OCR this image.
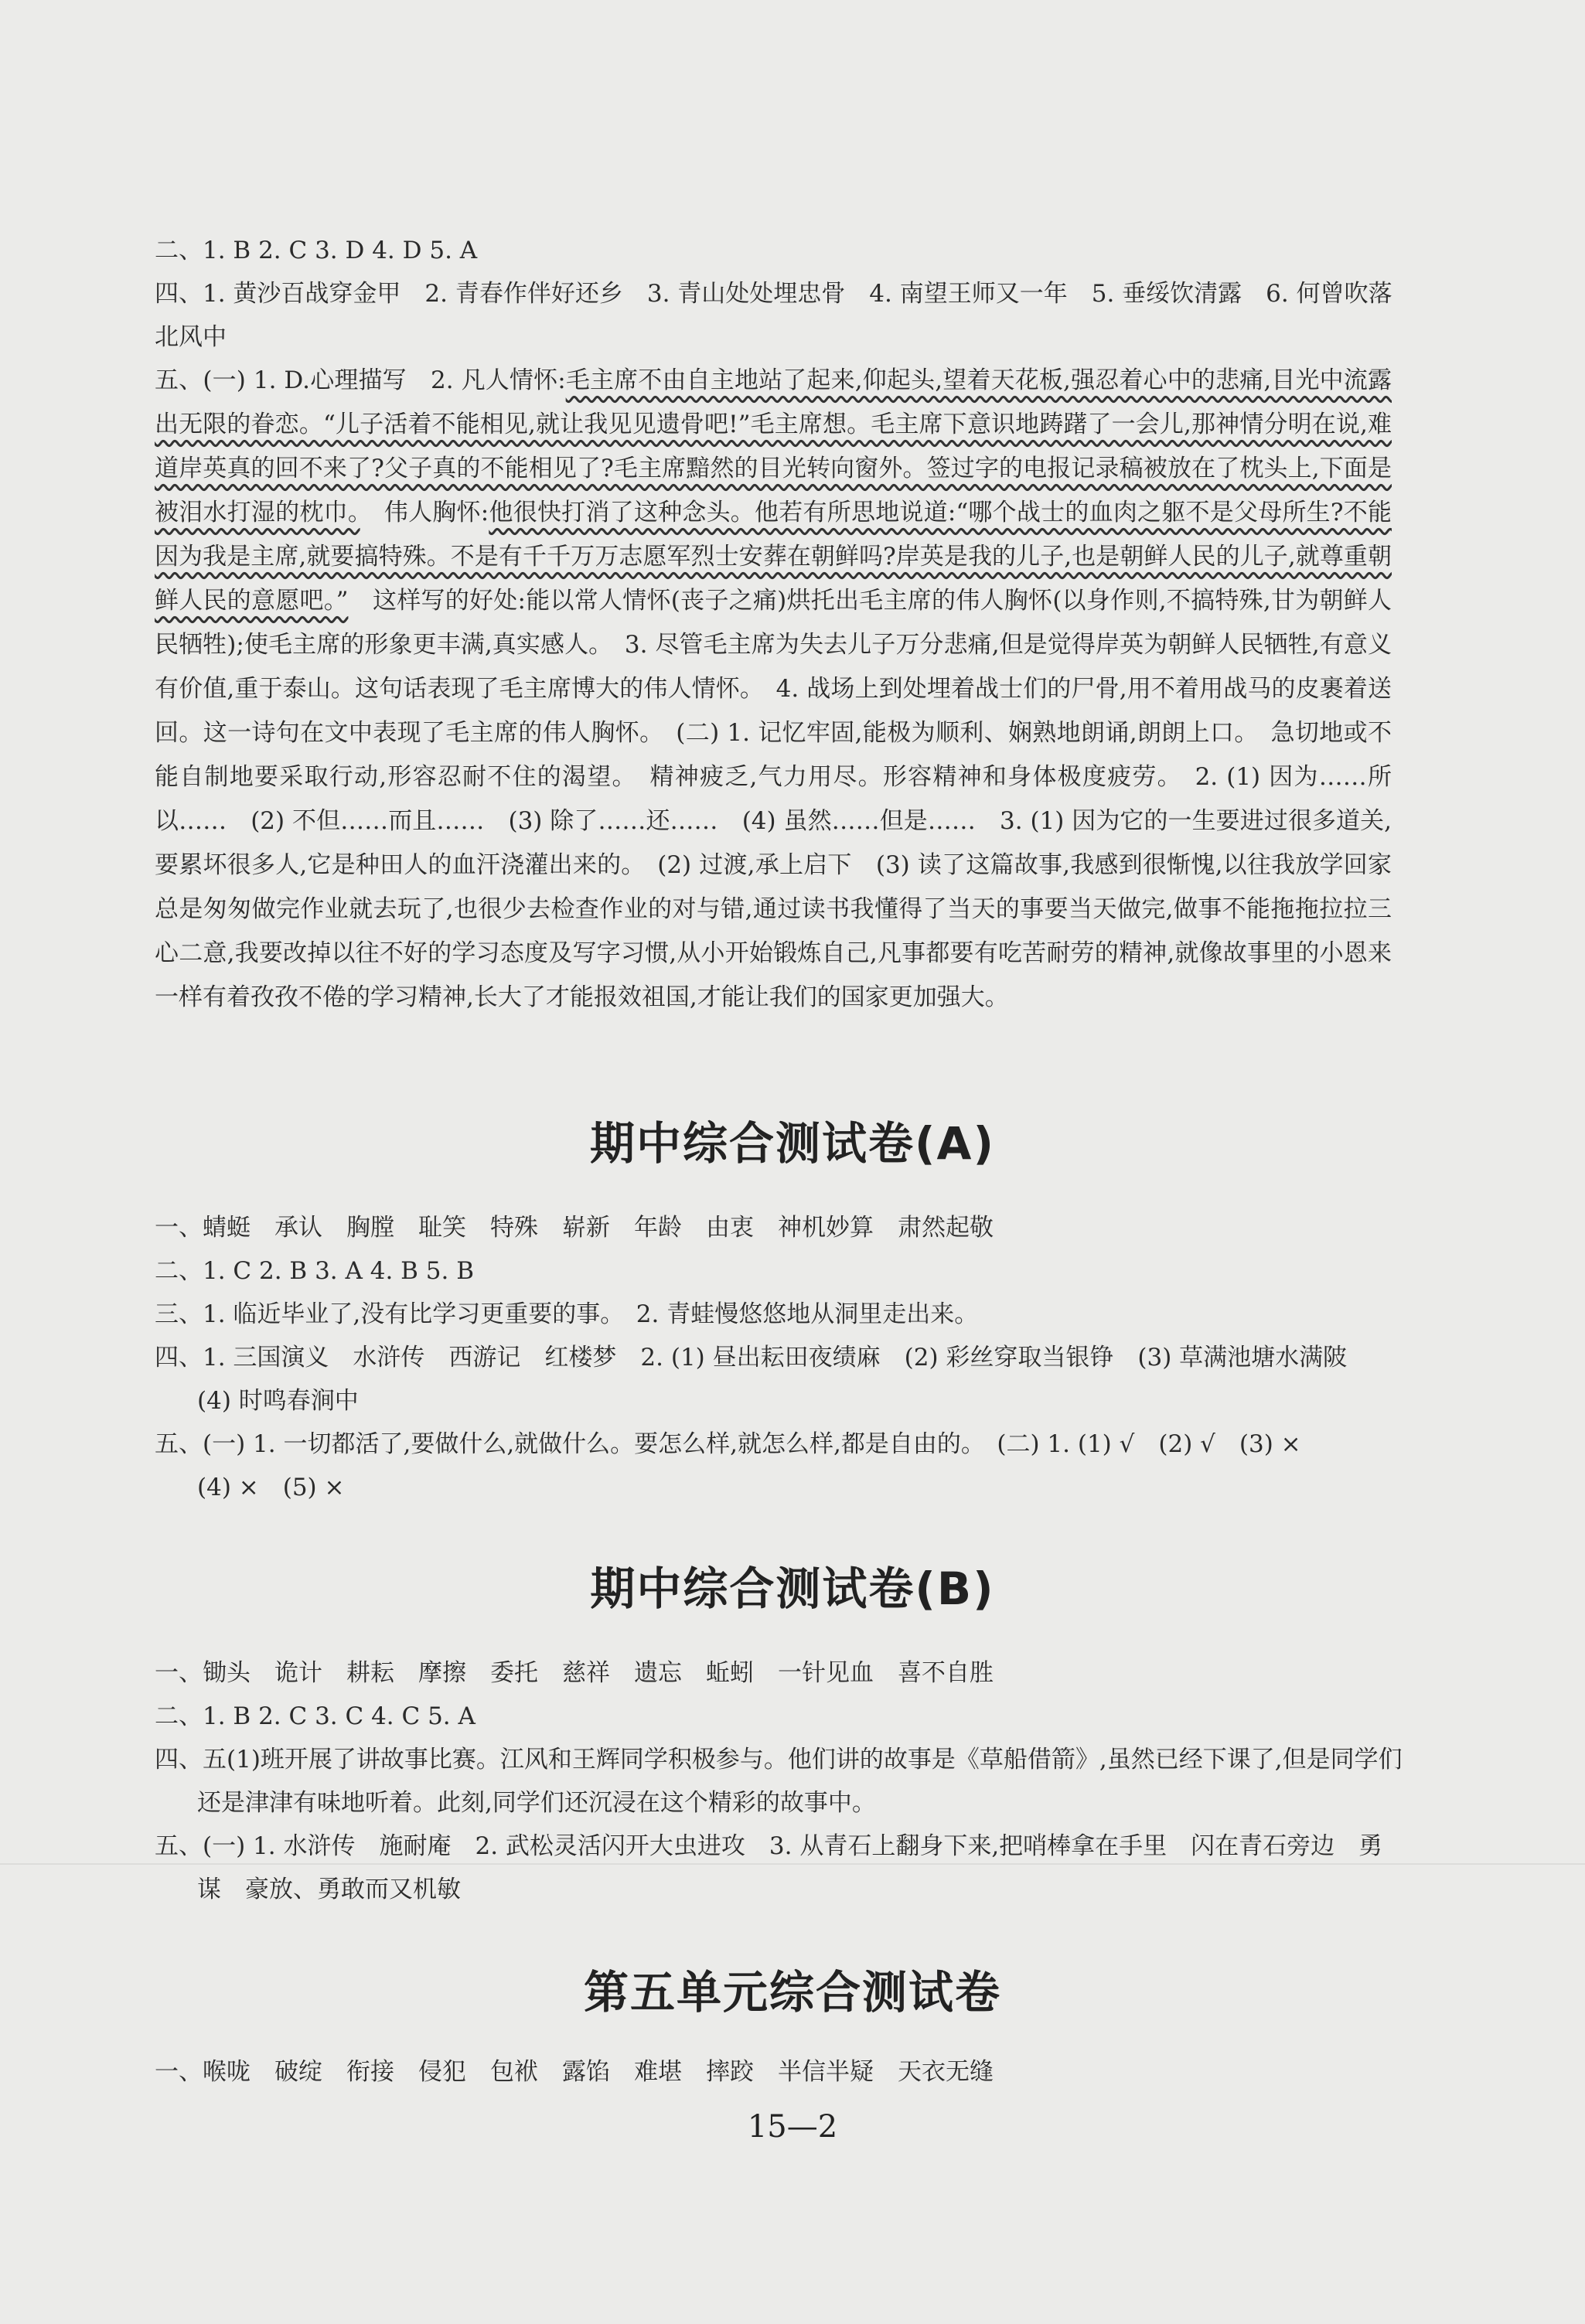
二、1. B 2. C 3. D 4. D 5. A
四、1. 黄沙百战穿金甲　2. 青春作伴好还乡　3. 青山处处埋忠骨　4. 南望王师又一年　5. 垂绥饮清露　6. 何曾吹落
北风中
五、(一) 1. D.心理描写　2. 凡人情怀:毛主席不由自主地站了起来,仰起头,望着天花板,强忍着心中的悲痛,目光中流露出无限的眷恋。“儿子活着不能相见,就让我见见遗骨吧!”毛主席想。毛主席下意识地踌躇了一会儿,那神情分明在说,难道岸英真的回不来了?父子真的不能相见了?毛主席黯然的目光转向窗外。签过字的电报记录稿被放在了枕头上,下面是被泪水打湿的枕巾。　伟人胸怀:他很快打消了这种念头。他若有所思地说道:“哪个战士的血肉之躯不是父母所生?不能因为我是主席,就要搞特殊。不是有千千万万志愿军烈士安葬在朝鲜吗?岸英是我的儿子,也是朝鲜人民的儿子,就尊重朝鲜人民的意愿吧。”　这样写的好处:能以常人情怀(丧子之痛)烘托出毛主席的伟人胸怀(以身作则,不搞特殊,甘为朝鲜人民牺牲);使毛主席的形象更丰满,真实感人。　3. 尽管毛主席为失去儿子万分悲痛,但是觉得岸英为朝鲜人民牺牲,有意义有价值,重于泰山。这句话表现了毛主席博大的伟人情怀。　4. 战场上到处埋着战士们的尸骨,用不着用战马的皮裹着送回。这一诗句在文中表现了毛主席的伟人胸怀。　(二) 1. 记忆牢固,能极为顺利、娴熟地朗诵,朗朗上口。　急切地或不能自制地要采取行动,形容忍耐不住的渴望。　精神疲乏,气力用尽。形容精神和身体极度疲劳。　2. (1) 因为……所以……　(2) 不但……而且……　(3) 除了……还……　(4) 虽然……但是……　3. (1) 因为它的一生要进过很多道关,要累坏很多人,它是种田人的血汗浇灌出来的。　(2) 过渡,承上启下　(3) 读了这篇故事,我感到很惭愧,以往我放学回家总是匆匆做完作业就去玩了,也很少去检查作业的对与错,通过读书我懂得了当天的事要当天做完,做事不能拖拖拉拉三心二意,我要改掉以往不好的学习态度及写字习惯,从小开始锻炼自己,凡事都要有吃苦耐劳的精神,就像故事里的小恩来一样有着孜孜不倦的学习精神,长大了才能报效祖国,才能让我们的国家更加强大。
期中综合测试卷(A)
一、蜻蜓　承认　胸膛　耻笑　特殊　崭新　年龄　由衷　神机妙算　肃然起敬
二、1. C 2. B 3. A 4. B 5. B
三、1. 临近毕业了,没有比学习更重要的事。　2. 青蛙慢悠悠地从洞里走出来。
四、1. 三国演义　水浒传　西游记　红楼梦　2. (1) 昼出耘田夜绩麻　(2) 彩丝穿取当银铮　(3) 草满池塘水满陂
(4) 时鸣春涧中
五、(一) 1. 一切都活了,要做什么,就做什么。要怎么样,就怎么样,都是自由的。　(二) 1. (1) √　(2) √　(3) ×
(4) ×　(5) ×
期中综合测试卷(B)
一、锄头　诡计　耕耘　摩擦　委托　慈祥　遗忘　蚯蚓　一针见血　喜不自胜
二、1. B 2. C 3. C 4. C 5. A
四、五(1)班开展了讲故事比赛。江风和王辉同学积极参与。他们讲的故事是《草船借箭》,虽然已经下课了,但是同学们
还是津津有味地听着。此刻,同学们还沉浸在这个精彩的故事中。
五、(一) 1. 水浒传　施耐庵　2. 武松灵活闪开大虫进攻　3. 从青石上翻身下来,把哨棒拿在手里　闪在青石旁边　勇
谋　豪放、勇敢而又机敏
第五单元综合测试卷
一、喉咙　破绽　衔接　侵犯　包袱　露馅　难堪　摔跤　半信半疑　天衣无缝
15—2
